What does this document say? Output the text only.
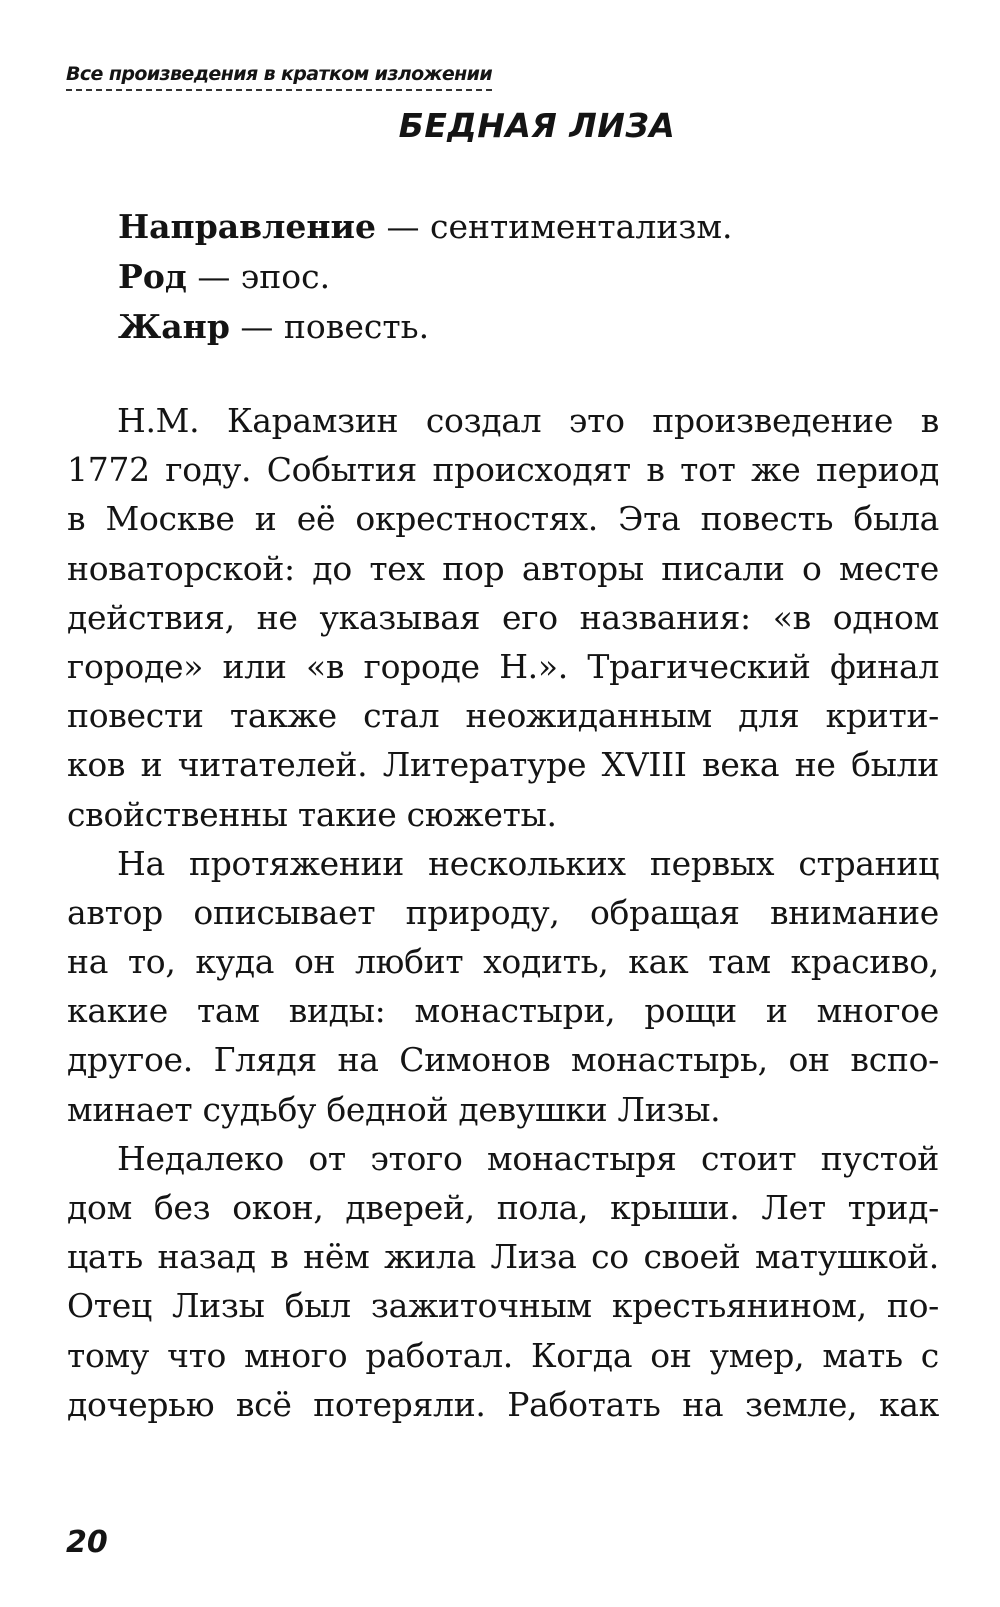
Все произведения в кратком изложении
БЕДНАЯ ЛИЗА
Направление — сентиментализм.
Род — эпос.
Жанр — повесть.
Н.М. Карамзин создал это произведение в
1772 году. События происходят в тот же период
в Москве и её окрестностях. Эта повесть была
новаторской: до тех пор авторы писали о месте
действия, не указывая его названия: «в одном
городе» или «в городе Н.». Трагический финал
повести также стал неожиданным для крити-
ков и читателей. Литературе XVIII века не были
свойственны такие сюжеты.
На протяжении нескольких первых страниц
автор описывает природу, обращая внимание
на то, куда он любит ходить, как там красиво,
какие там виды: монастыри, рощи и многое
другое. Глядя на Симонов монастырь, он вспо-
минает судьбу бедной девушки Лизы.
Недалеко от этого монастыря стоит пустой
дом без окон, дверей, пола, крыши. Лет трид-
цать назад в нём жила Лиза со своей матушкой.
Отец Лизы был зажиточным крестьянином, по-
тому что много работал. Когда он умер, мать с
дочерью всё потеряли. Работать на земле, как
20
